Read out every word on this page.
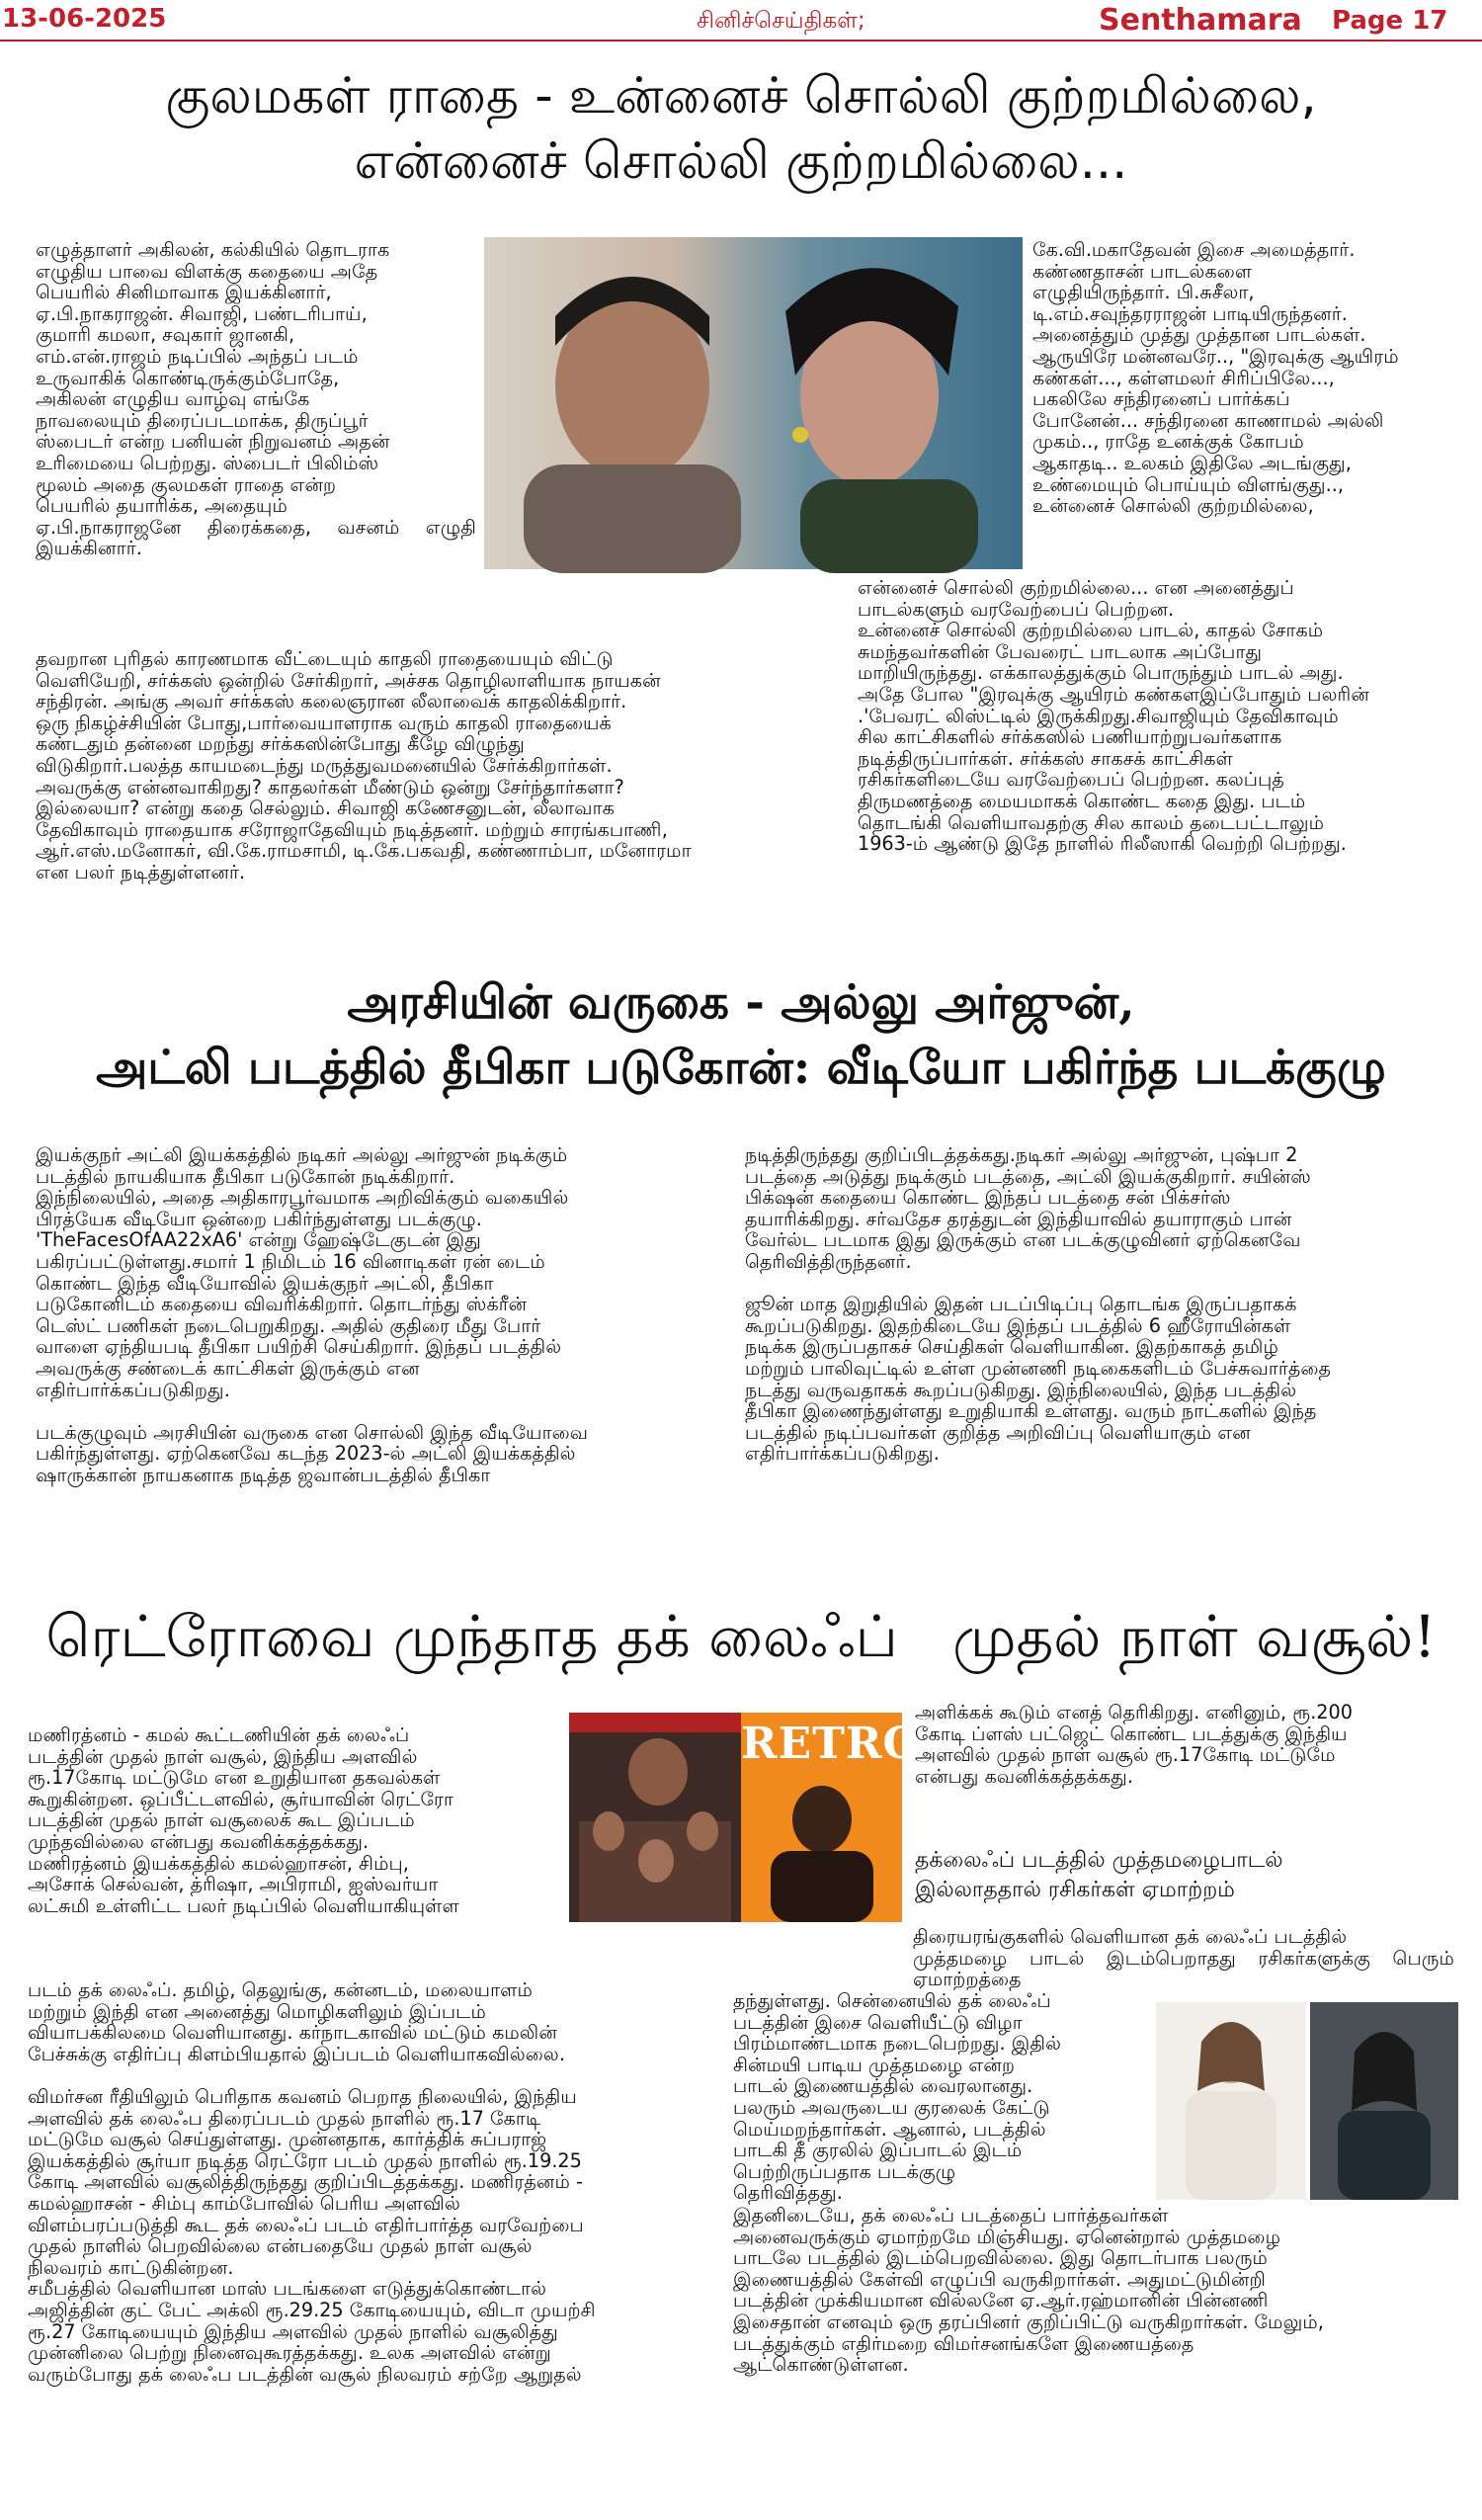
13-06-2025	சினிச்செய்திகள்;	Senthamara Page 17
குலமகள் ராதை - உன்னைச் சொல்லி குற்றமில்லை,
என்னைச் சொல்லி குற்றமில்லை...

எழுத்தாளர் அகிலன், கல்கியில் தொடராக
எழுதிய பாவை விளக்கு கதையை அதே
பெயரில் சினிமாவாக இயக்கினார்,
ஏ.பி.நாகராஜன். சிவாஜி, பண்டரிபாய்,
குமாரி கமலா, சவுகார் ஜானகி,
எம்.என்.ராஜம் நடிப்பில் அந்தப் படம்
உருவாகிக் கொண்டிருக்கும்போதே,
அகிலன் எழுதிய வாழ்வு எங்கே
நாவலையும் திரைப்படமாக்க, திருப்பூர்
ஸ்பைடர் என்ற பனியன் நிறுவனம் அதன்
உரிமையை பெற்றது. ஸ்பைடர் பிலிம்ஸ்
மூலம் அதை குலமகள் ராதை என்ற
பெயரில் தயாரிக்க, அதையும்
ஏ.பி.நாகராஜனே திரைக்கதை, வசனம் எழுதி இயக்கினார்.

கே.வி.மகாதேவன் இசை அமைத்தார்.
கண்ணதாசன் பாடல்களை
எழுதியிருந்தார். பி.சுசீலா,
டி.எம்.சவுந்தரராஜன் பாடியிருந்தனர்.
அனைத்தும் முத்து முத்தான பாடல்கள்.
ஆருயிரே மன்னவரே.., "இரவுக்கு ஆயிரம்
கண்கள்..., கள்ளமலர் சிரிப்பிலே...,
பகலிலே சந்திரனைப் பார்க்கப்
போனேன்... சந்திரனை காணாமல் அல்லி
முகம்.., ராதே உனக்குக் கோபம்
ஆகாதடி.. உலகம் இதிலே அடங்குது,
உண்மையும் பொய்யும் விளங்குது..,
உன்னைச் சொல்லி குற்றமில்லை,

என்னைச் சொல்லி குற்றமில்லை... என அனைத்துப்
பாடல்களும் வரவேற்பைப் பெற்றன.
உன்னைச் சொல்லி குற்றமில்லை பாடல், காதல் சோகம்
சுமந்தவர்களின் பேவரைட் பாடலாக அப்போது
மாறியிருந்தது. எக்காலத்துக்கும் பொருந்தும் பாடல் அது.
அதே போல "இரவுக்கு ஆயிரம் கண்களஇப்போதும் பலரின்
.'பேவரட் லிஸ்ட்டில் இருக்கிறது.சிவாஜியும் தேவிகாவும்
சில காட்சிகளில் சர்க்கஸில் பணியாற்றுபவர்களாக
நடித்திருப்பார்கள். சர்க்கஸ் சாகசக் காட்சிகள்
ரசிகர்களிடையே வரவேற்பைப் பெற்றன. கலப்புத்
திருமணத்தை மையமாகக் கொண்ட கதை இது. படம்
தொடங்கி வெளியாவதற்கு சில காலம் தடைபட்டாலும்
1963-ம் ஆண்டு இதே நாளில் ரிலீஸாகி வெற்றி பெற்றது.

தவறான புரிதல் காரணமாக வீட்டையும் காதலி ராதையையும் விட்டு
வெளியேறி, சர்க்கஸ் ஒன்றில் சேர்கிறார், அச்சக தொழிலாளியாக நாயகன்
சந்திரன். அங்கு அவர் சர்க்கஸ் கலைஞரான லீலாவைக் காதலிக்கிறார்.
ஒரு நிகழ்ச்சியின் போது,பார்வையாளராக வரும் காதலி ராதையைக்
கண்டதும் தன்னை மறந்து சர்க்கஸின்போது கீழே விழுந்து
விடுகிறார்.பலத்த காயமடைந்து மருத்துவமனையில் சேர்க்கிறார்கள்.
அவருக்கு என்னவாகிறது? காதலர்கள் மீண்டும் ஒன்று சேர்ந்தார்களா?
இல்லையா? என்று கதை செல்லும். சிவாஜி கணேசனுடன், லீலாவாக
தேவிகாவும் ராதையாக சரோஜாதேவியும் நடித்தனர். மற்றும் சாரங்கபாணி,
ஆர்.எஸ்.மனோகர், வி.கே.ராமசாமி, டி.கே.பகவதி, கண்ணாம்பா, மனோரமா
என பலர் நடித்துள்ளனர்.

அரசியின் வருகை - அல்லு அர்ஜுன்,
அட்லி படத்தில் தீபிகா படுகோன்: வீடியோ பகிர்ந்த படக்குழு

இயக்குநர் அட்லி இயக்கத்தில் நடிகர் அல்லு அர்ஜுன் நடிக்கும்
படத்தில் நாயகியாக தீபிகா படுகோன் நடிக்கிறார்.
இந்நிலையில், அதை அதிகாரபூர்வமாக அறிவிக்கும் வகையில்
பிரத்யேக வீடியோ ஒன்றை பகிர்ந்துள்ளது படக்குழு.
'TheFacesOfAA22xA6' என்று ஹேஷ்டேகுடன் இது
பகிரப்பட்டுள்ளது.சமார் 1 நிமிடம் 16 வினாடிகள் ரன் டைம்
கொண்ட இந்த வீடியோவில் இயக்குநர் அட்லி, தீபிகா
படுகோனிடம் கதையை விவரிக்கிறார். தொடர்ந்து ஸ்க்ரீன்
டெஸ்ட் பணிகள் நடைபெறுகிறது. அதில் குதிரை மீது போர்
வாளை ஏந்தியபடி தீபிகா பயிற்சி செய்கிறார். இந்தப் படத்தில்
அவருக்கு சண்டைக் காட்சிகள் இருக்கும் என
எதிர்பார்க்கப்படுகிறது.

படக்குழுவும் அரசியின் வருகை என சொல்லி இந்த வீடியோவை
பகிர்ந்துள்ளது. ஏற்கெனவே கடந்த 2023-ல் அட்லி இயக்கத்தில்
ஷாருக்கான் நாயகனாக நடித்த ஜவான்படத்தில் தீபிகா

நடித்திருந்தது குறிப்பிடத்தக்கது.நடிகர் அல்லு அர்ஜுன், புஷ்பா 2
படத்தை அடுத்து நடிக்கும் படத்தை, அட்லி இயக்குகிறார். சயின்ஸ்
பிக்‌ஷன் கதையை கொண்ட இந்தப் படத்தை சன் பிக்சர்ஸ்
தயாரிக்கிறது. சர்வதேச தரத்துடன் இந்தியாவில் தயாராகும் பான்
வேர்ல்ட படமாக இது இருக்கும் என படக்குழுவினர் ஏற்கெனவே
தெரிவித்திருந்தனர்.

ஜூன் மாத இறுதியில் இதன் படப்பிடிப்பு தொடங்க இருப்பதாகக்
கூறப்படுகிறது. இதற்கிடையே இந்தப் படத்தில் 6 ஹீரோயின்கள்
நடிக்க இருப்பதாகச் செய்திகள் வெளியாகின. இதற்காகத் தமிழ்
மற்றும் பாலிவுட்டில் உள்ள முன்னணி நடிகைகளிடம் பேச்சுவார்த்தை
நடத்து வருவதாகக் கூறப்படுகிறது. இந்நிலையில், இந்த படத்தில்
தீபிகா இணைந்துள்ளது உறுதியாகி உள்ளது. வரும் நாட்களில் இந்த
படத்தில் நடிப்பவர்கள் குறித்த அறிவிப்பு வெளியாகும் என
எதிர்பார்க்கப்படுகிறது.

ரெட்ரோவை முந்தாத தக் லைஃப்   முதல் நாள் வசூல்!

மணிரத்னம் - கமல் கூட்டணியின் தக் லைஃப்
படத்தின் முதல் நாள் வசூல், இந்திய அளவில்
ரூ.17கோடி மட்டுமே என உறுதியான தகவல்கள்
கூறுகின்றன. ஒப்பீட்டளவில், சூர்யாவின் ரெட்ரோ
படத்தின் முதல் நாள் வசூலைக் கூட இப்படம்
முந்தவில்லை என்பது கவனிக்கத்தக்கது.
மணிரத்னம் இயக்கத்தில் கமல்ஹாசன், சிம்பு,
அசோக் செல்வன், த்ரிஷா, அபிராமி, ஐஸ்வர்யா
லட்சுமி உள்ளிட்ட பலர் நடிப்பில் வெளியாகியுள்ள

RETRO

அளிக்கக் கூடும் எனத் தெரிகிறது. எனினும், ரூ.200
கோடி ப்ளஸ் பட்ஜெட் கொண்ட படத்துக்கு இந்திய
அளவில் முதல் நாள் வசூல் ரூ.17கோடி மட்டுமே
என்பது கவனிக்கத்தக்கது.

தக்லைஃப் படத்தில் முத்தமழைபாடல்
இல்லாததால் ரசிகர்கள் ஏமாற்றம்

திரையரங்குகளில் வெளியான தக் லைஃப் படத்தில்
முத்தமழை பாடல் இடம்பெறாதது ரசிகர்களுக்கு பெரும் ஏமாற்றத்தை

படம் தக் லைஃப். தமிழ், தெலுங்கு, கன்னடம், மலையாளம்
மற்றும் இந்தி என அனைத்து மொழிகளிலும் இப்படம்
வியாபக்கிலமை வெளியானது. கர்நாடகாவில் மட்டும் கமலின்
பேச்சுக்கு எதிர்ப்பு கிளம்பியதால் இப்படம் வெளியாகவில்லை.

விமர்சன ரீதியிலும் பெரிதாக கவனம் பெறாத நிலையில், இந்திய
அளவில் தக் லைஃப திரைப்படம் முதல் நாளில் ரூ.17 கோடி
மட்டுமே வசூல் செய்துள்ளது. முன்னதாக, கார்த்திக் சுப்பராஜ்
இயக்கத்தில் சூர்யா நடித்த ரெட்ரோ படம் முதல் நாளில் ரூ.19.25
கோடி அளவில் வசூலித்திருந்தது குறிப்பிடத்தக்கது. மணிரத்னம் -
கமல்ஹாசன் - சிம்பு காம்போவில் பெரிய அளவில்
விளம்பரப்படுத்தி கூட தக் லைஃப் படம் எதிர்பார்த்த வரவேற்பை
முதல் நாளில் பெறவில்லை என்பதையே முதல் நாள் வசூல்
நிலவரம் காட்டுகின்றன.
சமீபத்தில் வெளியான மாஸ் படங்களை எடுத்துக்கொண்டால்
அஜித்தின் குட் பேட் அக்லி ரூ.29.25 கோடியையும், விடா முயற்சி
ரூ.27 கோடியையும் இந்திய அளவில் முதல் நாளில் வசூலித்து
முன்னிலை பெற்று நினைவுகூரத்தக்கது. உலக அளவில் என்று
வரும்போது தக் லைஃப படத்தின் வசூல் நிலவரம் சற்றே ஆறுதல்

தந்துள்ளது. சென்னையில் தக் லைஃப்
படத்தின் இசை வெளியீட்டு விழா
பிரம்மாண்டமாக நடைபெற்றது. இதில்
சின்மயி பாடிய முத்தமழை என்ற
பாடல் இணையத்தில் வைரலானது.
பலரும் அவருடைய குரலைக் கேட்டு
மெய்மறந்தார்கள். ஆனால், படத்தில்
பாடகி தீ குரலில் இப்பாடல் இடம்
பெற்றிருப்பதாக படக்குழு
தெரிவித்தது.

இதனிடையே, தக் லைஃப் படத்தைப் பார்த்தவர்கள்
அனைவருக்கும் ஏமாற்றமே மிஞ்சியது. ஏனென்றால் முத்தமழை
பாடலே படத்தில் இடம்பெறவில்லை. இது தொடர்பாக பலரும்
இணையத்தில் கேள்வி எழுப்பி வருகிறார்கள். அதுமட்டுமின்றி
படத்தின் முக்கியமான வில்லனே ஏ.ஆர்.ரஹ்மானின் பின்னணி
இசைதான் எனவும் ஒரு தரப்பினர் குறிப்பிட்டு வருகிறார்கள். மேலும்,
படத்துக்கும் எதிர்மறை விமர்சனங்களே இணையத்தை
ஆட்கொண்டுள்ளன.
